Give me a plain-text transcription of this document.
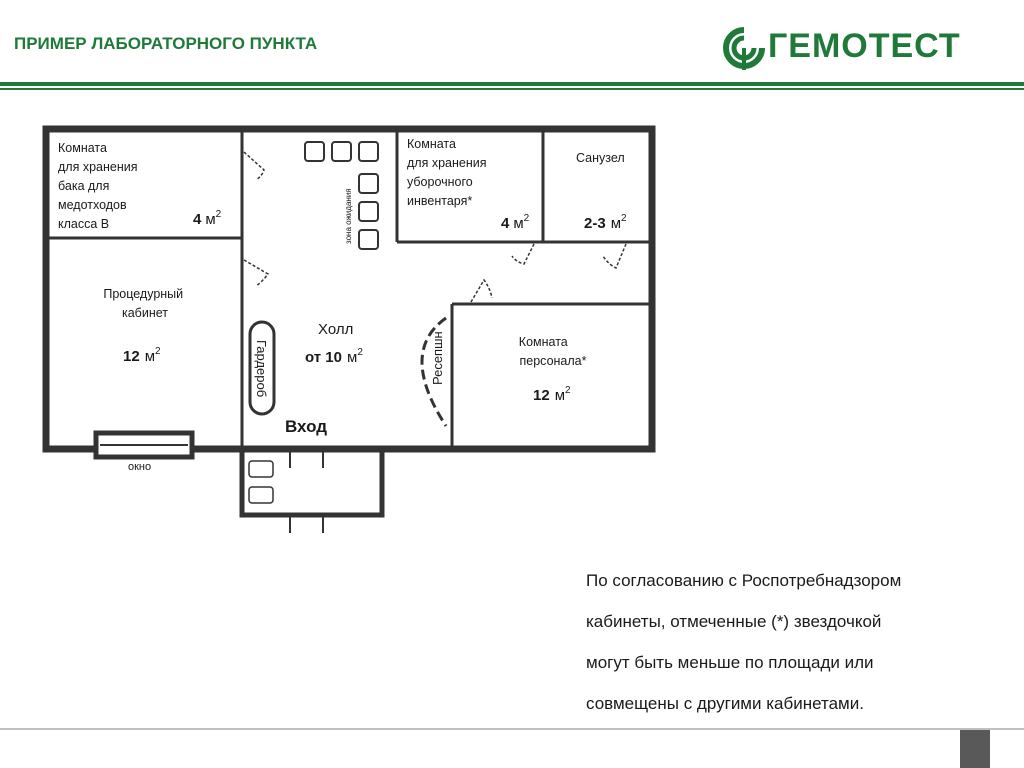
ПРИМЕР ЛАБОРАТОРНОГО ПУНКТА	ГЕМОТЕСТ
окно
зона ожидания
Гардероб	Ресепшн
Комната для хранения бака для медотходов класса В	4 $м^2$
Комната для хранения уборочного инвентаря*
4 $м^2$
Санузел
2-3 $м^2$
Процедурный кабинет
12 $м^2$
Холл
от 10 $м^2$
Вход
Комната персонала*
12 $м^2$
По согласованию с Роспотребнадзором
кабинеты, отмеченные (*) звездочкой
могут быть меньше по площади или
совмещены с другими кабинетами.
